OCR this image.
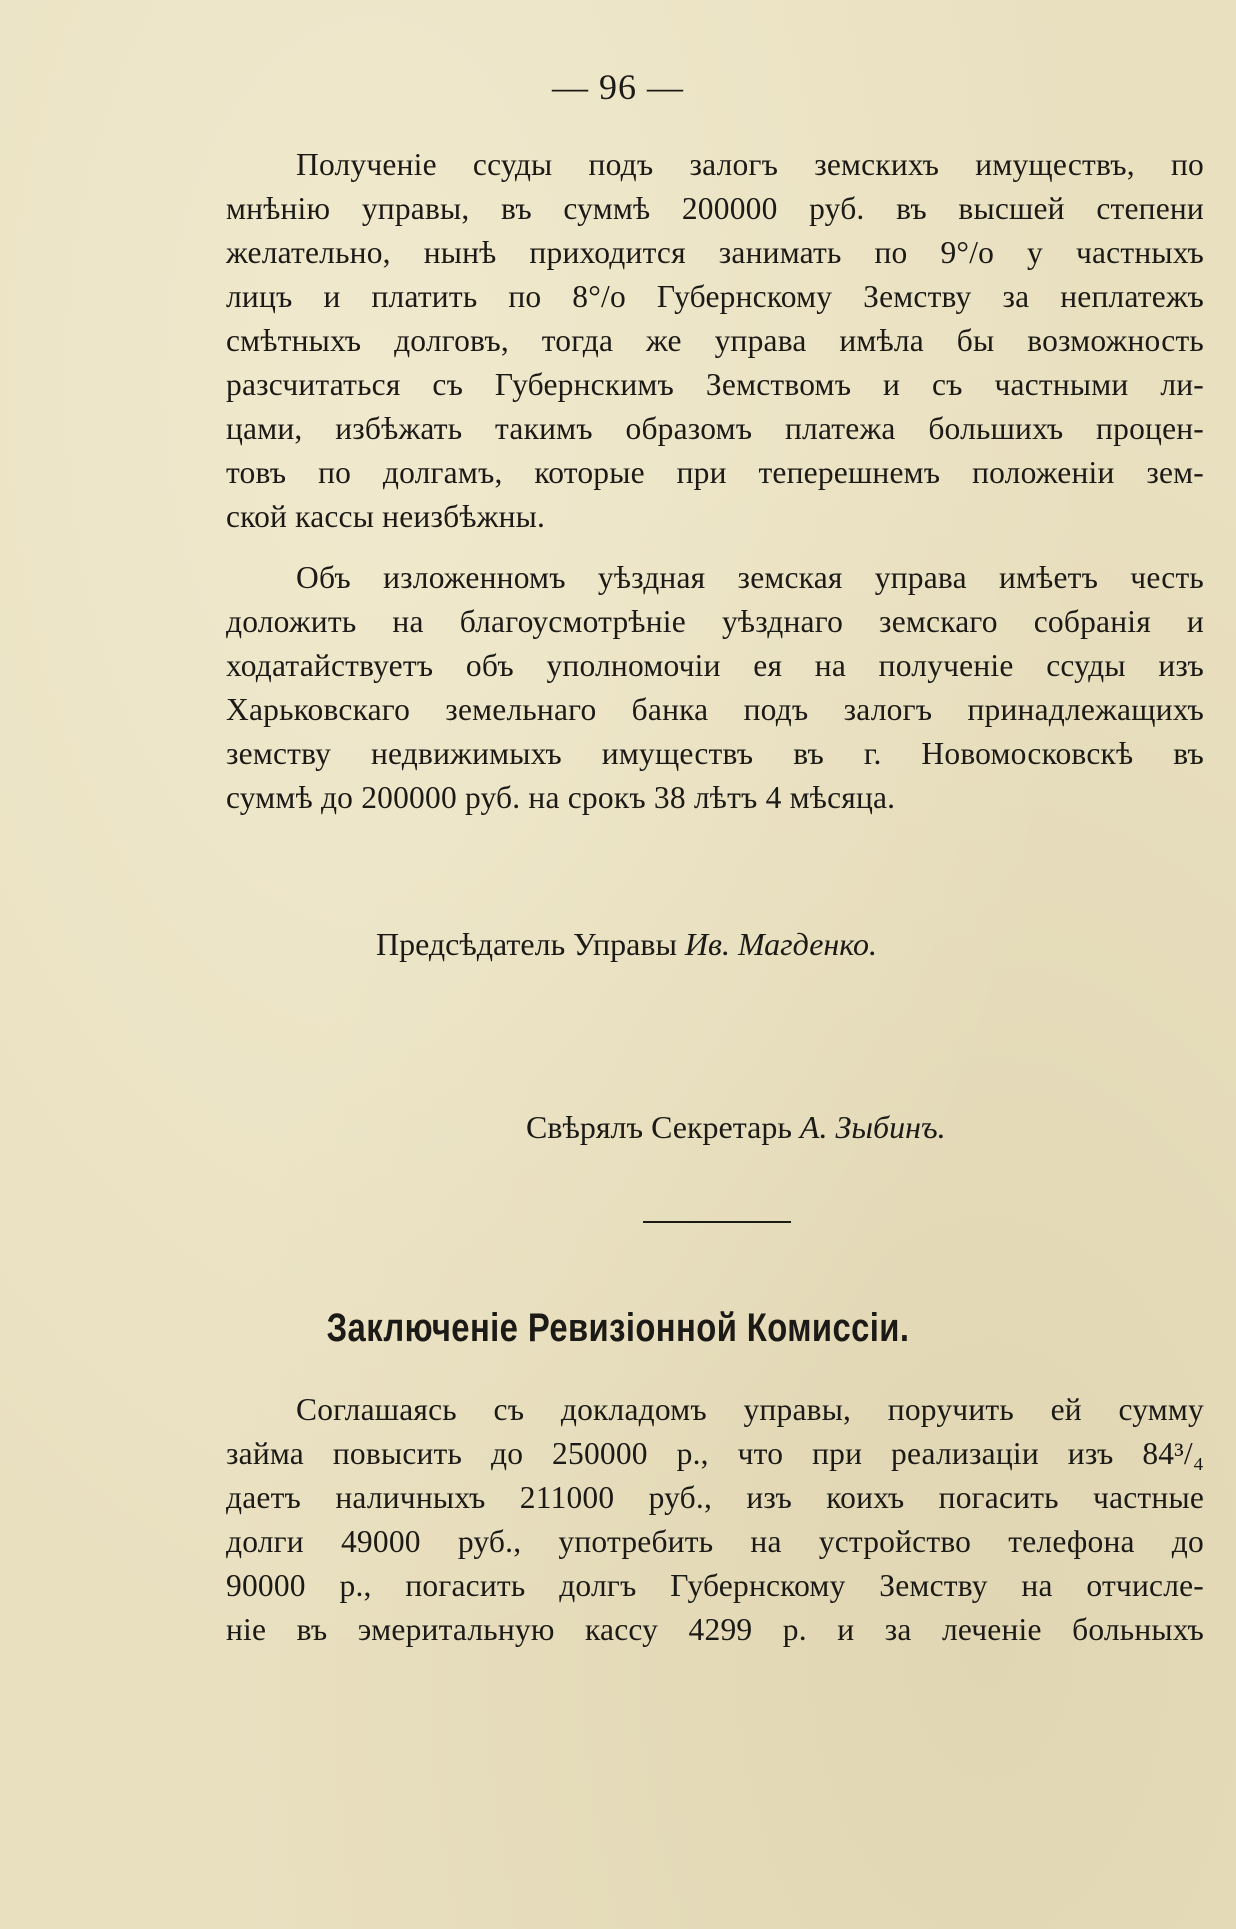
— 96 —
Полученіе ссуды подъ залогъ земскихъ имуществъ, по
мнѣнію управы, въ суммѣ 200000 руб. въ высшей степени
желательно, нынѣ приходится занимать по 9°/o у частныхъ
лицъ и платить по 8°/o Губернскому Земству за неплатежъ
смѣтныхъ долговъ, тогда же управа имѣла бы возможность
разсчитаться съ Губернскимъ Земствомъ и съ частными ли-
цами, избѣжать такимъ образомъ платежа большихъ процен-
товъ по долгамъ, которые при теперешнемъ положеніи зем-
ской кассы неизбѣжны.
Объ изложенномъ уѣздная земская управа имѣетъ честь
доложить на благоусмотрѣніе уѣзднаго земскаго собранія и
ходатайствуетъ объ уполномочіи ея на полученіе ссуды изъ
Харьковскаго земельнаго банка подъ залогъ принадлежащихъ
земству недвижимыхъ имуществъ въ г. Новомосковскѣ въ
суммѣ до 200000 руб. на срокъ 38 лѣтъ 4 мѣсяца.
Предсѣдатель Управы Ив. Магденко.
Свѣрялъ Секретарь А. Зыбинъ.
Заключеніе Ревизіонной Комиссіи.
Соглашаясь съ докладомъ управы, поручить ей сумму
займа повысить до 250000 р., что при реализаціи изъ 84³/₄
даетъ наличныхъ 211000 руб., изъ коихъ погасить частные
долги 49000 руб., употребить на устройство телефона до
90000 р., погасить долгъ Губернскому Земству на отчисле-
ніе въ эмеритальную кассу 4299 р. и за леченіе больныхъ
